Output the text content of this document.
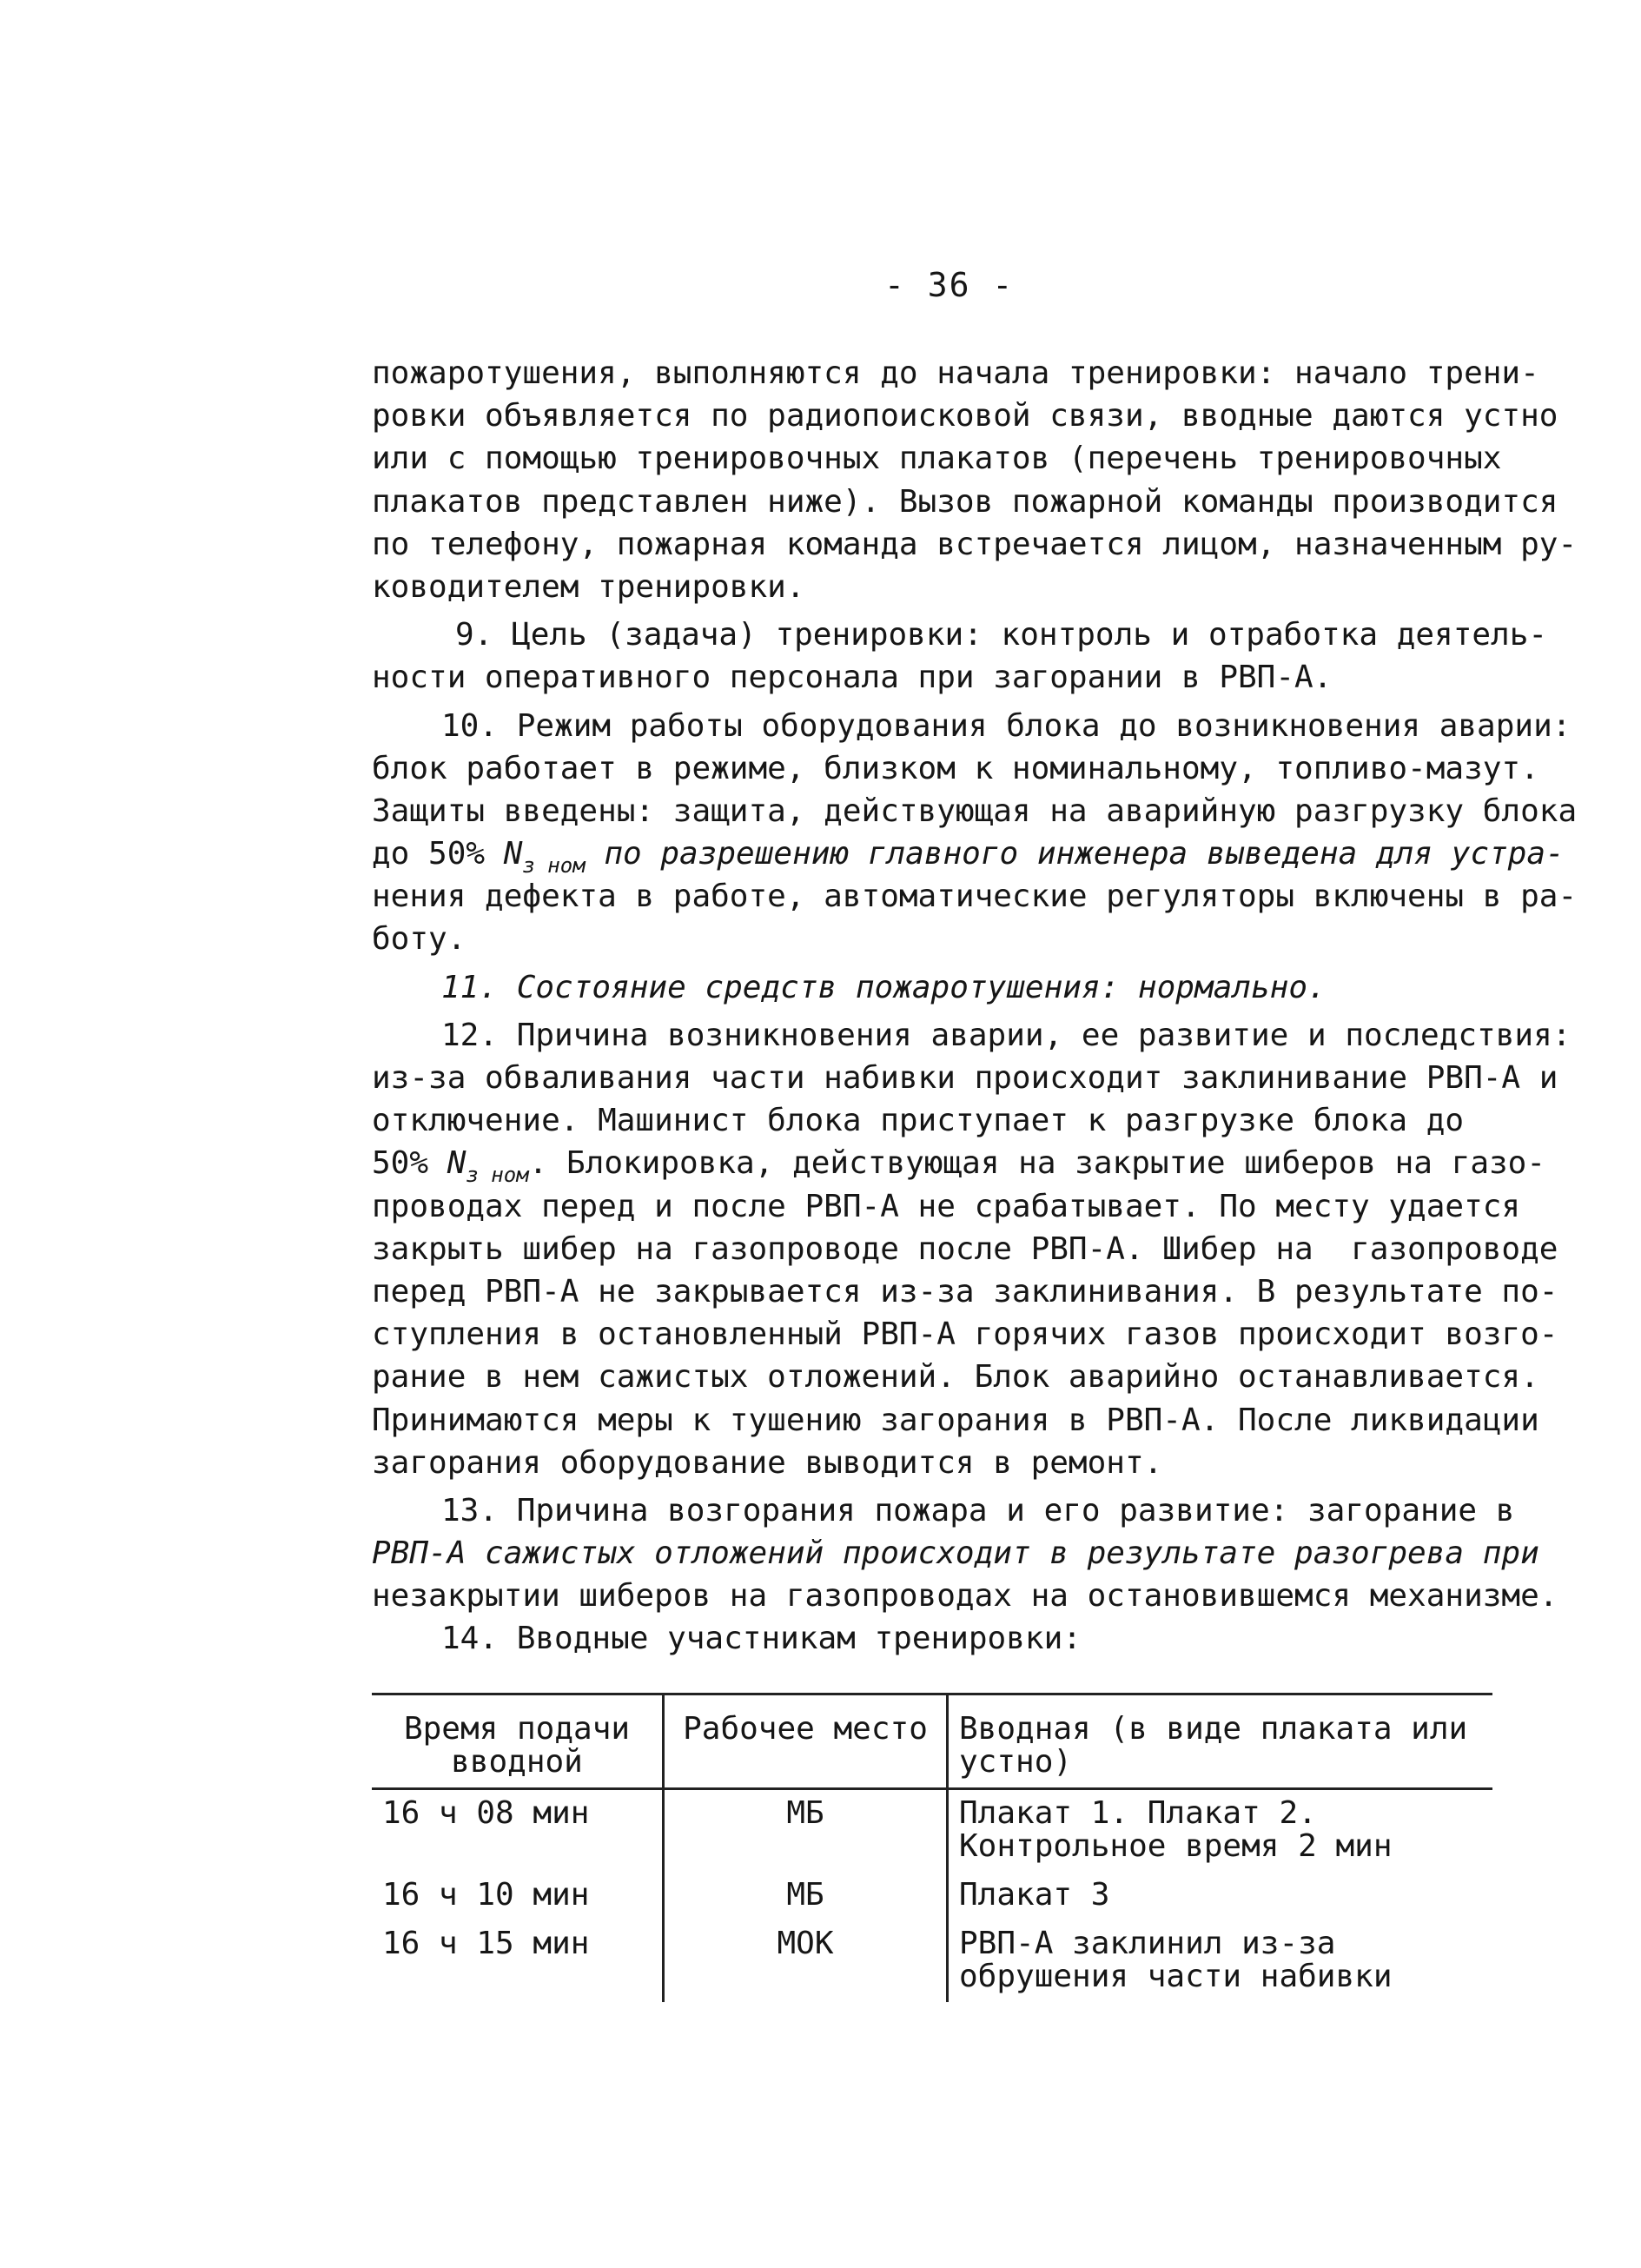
- 36 -
пожаротушения, выполняются до начала тренировки: начало трени-
ровки объявляется по радиопоисковой связи, вводные даются устно
или с помощью тренировочных плакатов (перечень тренировочных
плакатов представлен ниже). Вызов пожарной команды производится
по телефону, пожарная команда встречается лицом, назначенным ру-
ководителем тренировки.
9. Цель (задача) тренировки: контроль и отработка деятель-
ности оперативного персонала при загорании в РВП-А.
10. Режим работы оборудования блока до возникновения аварии:
блок работает в режиме, близком к номинальному, топливо-мазут.
Защиты введены: защита, действующая на аварийную разгрузку блока
до 50% $N_{з ном}$ по разрешению главного инженера выведена для устра-
нения дефекта в работе, автоматические регуляторы включены в ра-
боту.
11. Состояние средств пожаротушения: нормально.
12. Причина возникновения аварии, ее развитие и последствия:
из-за обваливания части набивки происходит заклинивание РВП-А и
отключение. Машинист блока приступает к разгрузке блока до
50% $N_{з ном}$. Блокировка, действующая на закрытие шиберов на газо-
проводах перед и после РВП-А не срабатывает. По месту удается
закрыть шибер на газопроводе после РВП-А. Шибер на  газопроводе
перед РВП-А не закрывается из-за заклинивания. В результате по-
ступления в остановленный РВП-А горячих газов происходит возго-
рание в нем сажистых отложений. Блок аварийно останавливается.
Принимаются меры к тушению загорания в РВП-А. После ликвидации
загорания оборудование выводится в ремонт.
13. Причина возгорания пожара и его развитие: загорание в
РВП-А сажистых отложений происходит в результате разогрева при
незакрытии шиберов на газопроводах на остановившемся механизме.
14. Вводные участникам тренировки:
Время подачи вводной	Рабочее место	Вводная (в виде плаката или устно)
16 ч 08 мин	МБ	Плакат 1. Плакат 2. Контрольное время 2 мин
16 ч 10 мин	МБ	Плакат 3
16 ч 15 мин	МОК	РВП-А заклинил из-за обрушения части набивки
